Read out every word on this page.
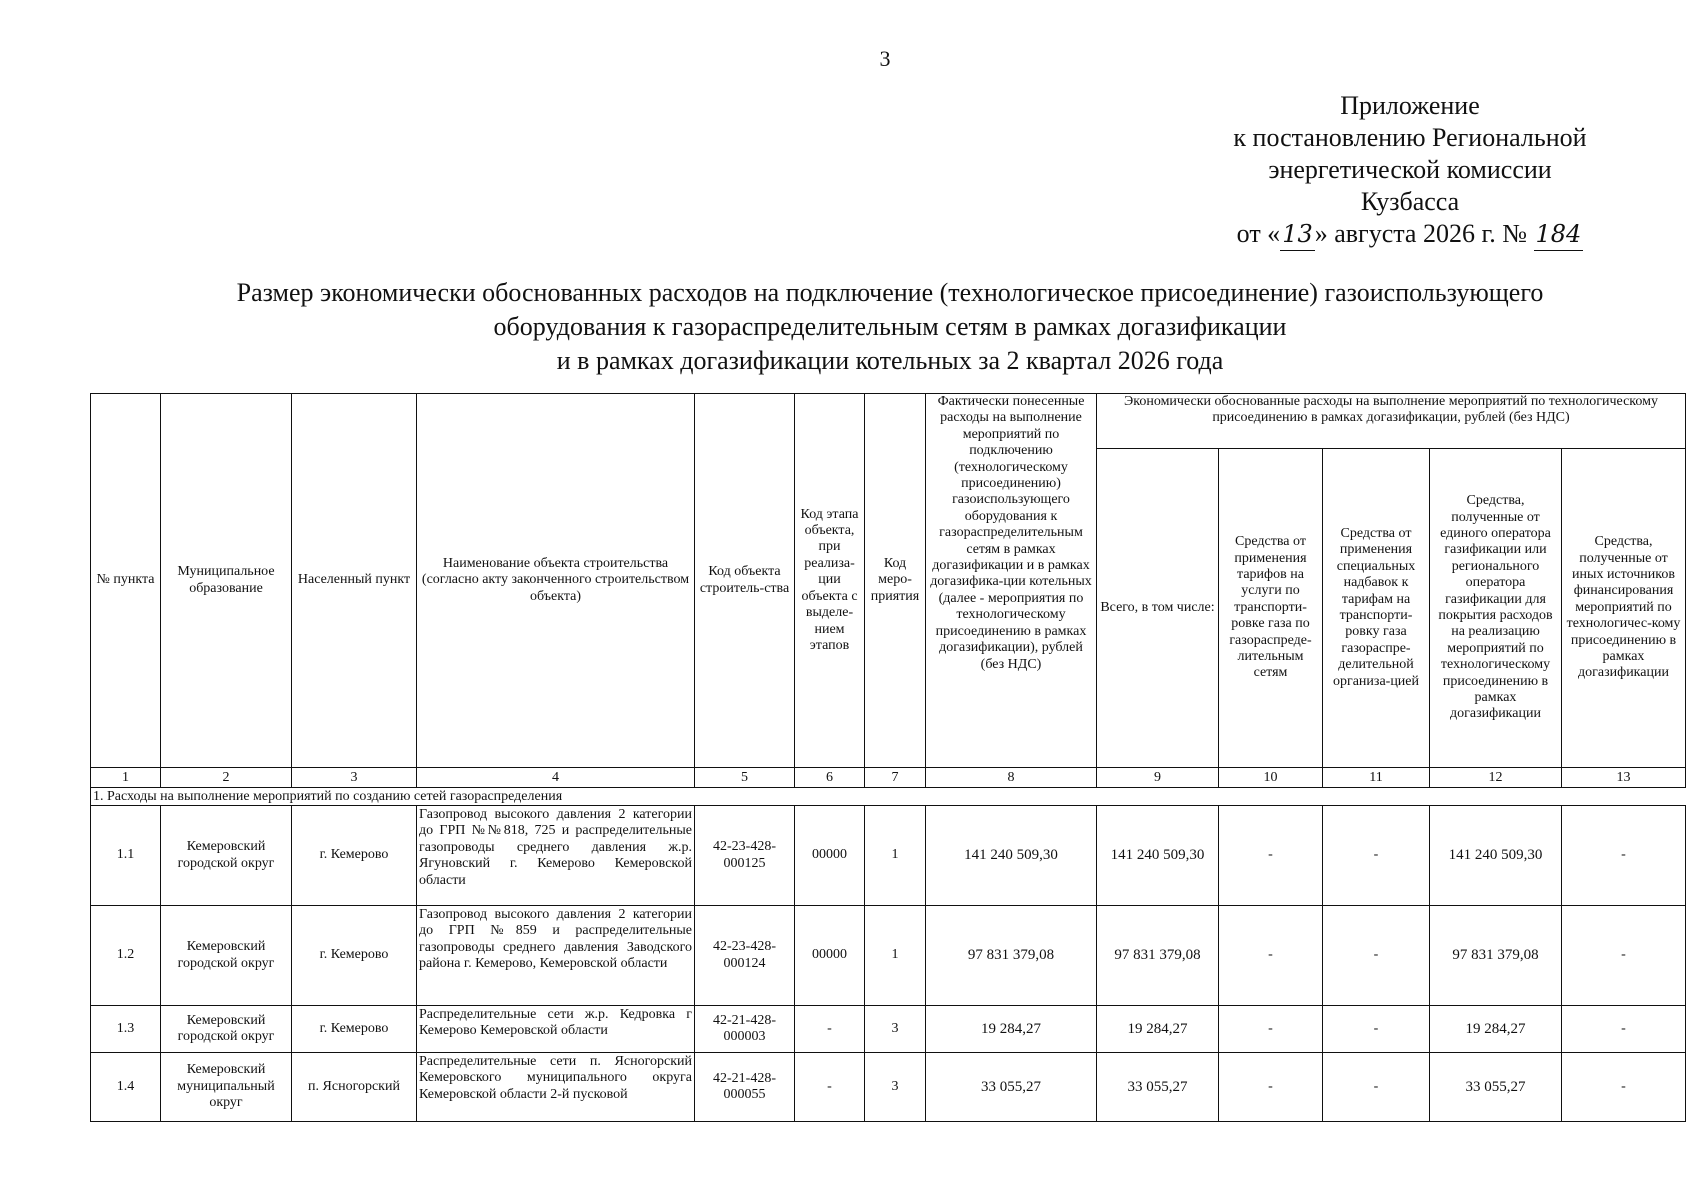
3
Приложение
к постановлению Региональной
энергетической комиссии
Кузбасса
от «13» августа 2026 г. № 184
Размер экономически обоснованных расходов на подключение (технологическое присоединение) газоиспользующего
оборудования к газораспределительным сетям в рамках догазификации
и в рамках догазификации котельных за 2 квартал 2026 года
№ пункта	Муниципальное образование	Населенный пункт	Наименование объекта строительства (согласно акту законченного строительством объекта)	Код объекта строитель-ства	Код этапа объекта, при реализа-ции объекта с выделе-нием этапов	Код меро-приятия	Фактически понесенные расходы на выполнение мероприятий по подключению (технологическому присоединению) газоиспользующего оборудования к газораспределительным сетям в рамках догазификации и в рамках догазифика-ции котельных (далее - мероприятия по технологическому присоединению в рамках догазификации), рублей (без НДС)	Экономически обоснованные расходы на выполнение мероприятий по технологическому присоединению в рамках догазификации, рублей (без НДС)				
								Всего, в том числе:	Средства от применения тарифов на услуги по транспорти-ровке газа по газораспреде-лительным сетям	Средства от применения специальных надбавок к тарифам на транспорти-ровку газа газораспре-делительной организа-цией	Средства, полученные от единого оператора газификации или регионального оператора газификации для покрытия расходов на реализацию мероприятий по технологическому присоединению в рамках догазификации	Средства, полученные от иных источников финансирования мероприятий по технологичес-кому присоединению в рамках догазификации
1	2	3	4	5	6	7	8	9	10	11	12	13
1. Расходы на выполнение мероприятий по созданию сетей газораспределения												
1.1	Кемеровский городской округ	г. Кемерово	Газопровод высокого давления 2 категории до ГРП №№818, 725 и распределительные газопроводы среднего давления ж.р. Ягуновский г. Кемерово Кемеровской области	42-23-428-000125	00000	1	141 240 509,30	141 240 509,30	-	-	141 240 509,30	-
1.2	Кемеровский городской округ	г. Кемерово	Газопровод высокого давления 2 категории до ГРП №859 и распределительные газопроводы среднего давления Заводского района г. Кемерово, Кемеровской области	42-23-428-000124	00000	1	97 831 379,08	97 831 379,08	-	-	97 831 379,08	-
1.3	Кемеровский городской округ	г. Кемерово	Распределительные сети ж.р. Кедровка г Кемерово Кемеровской области	42-21-428-000003	-	3	19 284,27	19 284,27	-	-	19 284,27	-
1.4	Кемеровский муниципальный округ	п. Ясногорский	Распределительные сети п. Ясногорский Кемеровского муниципального округа Кемеровской области 2-й пусковой	42-21-428-000055	-	3	33 055,27	33 055,27	-	-	33 055,27	-
